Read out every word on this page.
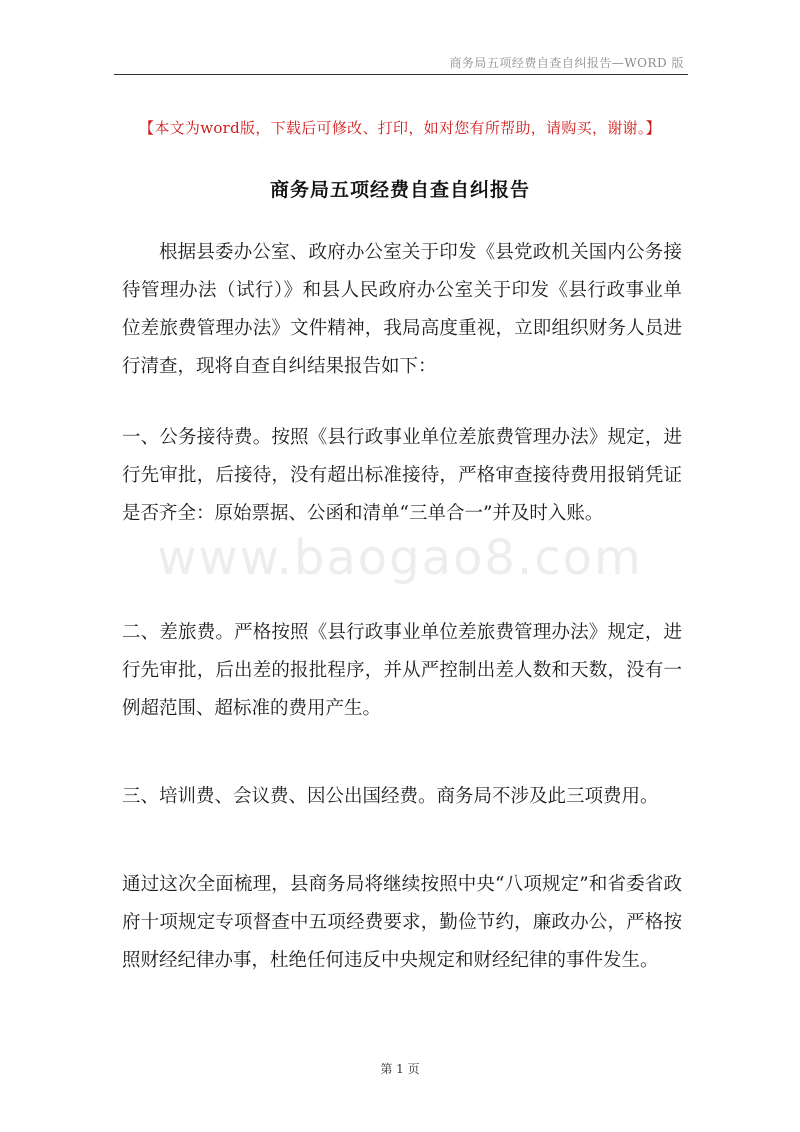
商务局五项经费自查自纠报告—WORD 版
【本文为word版，下载后可修改、打印，如对您有所帮助，请购买，谢谢。】
商务局五项经费自查自纠报告
根据县委办公室、政府办公室关于印发《县党政机关国内公务接待管理办法（试行）》和县人民政府办公室关于印发《县行政事业单位差旅费管理办法》文件精神，我局高度重视，立即组织财务人员进行清查，现将自查自纠结果报告如下：
一、公务接待费。按照《县行政事业单位差旅费管理办法》规定，进行先审批，后接待，没有超出标准接待，严格审查接待费用报销凭证是否齐全：原始票据、公函和清单“三单合一”并及时入账。
二、差旅费。严格按照《县行政事业单位差旅费管理办法》规定，进行先审批，后出差的报批程序，并从严控制出差人数和天数，没有一例超范围、超标准的费用产生。
三、培训费、会议费、因公出国经费。商务局不涉及此三项费用。
通过这次全面梳理，县商务局将继续按照中央“八项规定”和省委省政府十项规定专项督查中五项经费要求，勤俭节约，廉政办公，严格按照财经纪律办事，杜绝任何违反中央规定和财经纪律的事件发生。
www.baogao8.com
第 1 页
